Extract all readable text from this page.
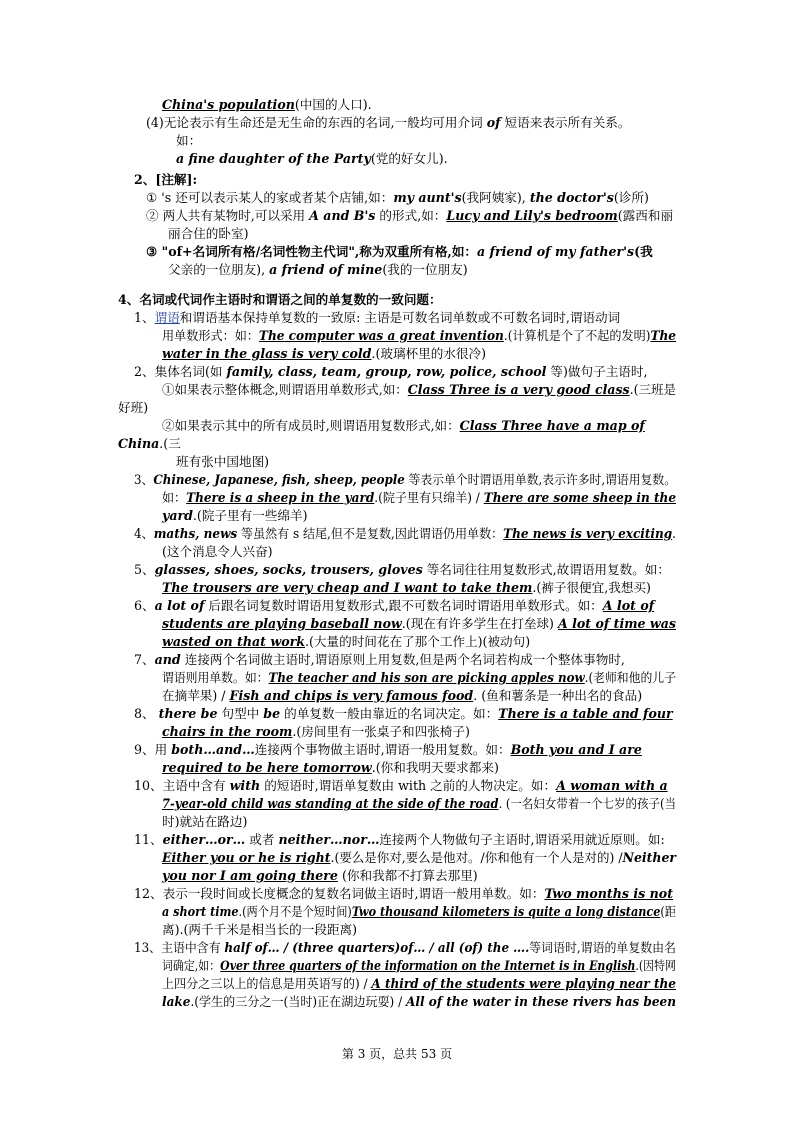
China's population(中国的人口).
(4)无论表示有生命还是无生命的东西的名词,一般均可用介词 of 短语来表示所有关系。
如：
a fine daughter of the Party(党的好女儿).
2、[注解]:
① 's 还可以表示某人的家或者某个店铺,如：my aunt's(我阿姨家), the doctor's(诊所)
② 两人共有某物时,可以采用 A and B's 的形式,如：Lucy and Lily's bedroom(露西和丽
丽合住的卧室)
③ "of+名词所有格/名词性物主代词",称为双重所有格,如：a friend of my father's(我
父亲的一位朋友), a friend of mine(我的一位朋友)
4、名词或代词作主语时和谓语之间的单复数的一致问题：
1、谓语和谓语基本保持单复数的一致原: 主语是可数名词单数或不可数名词时,谓语动词
用单数形式：如：The computer was a great invention.(计算机是个了不起的发明)The
water in the glass is very cold.(玻璃杯里的水很冷)
2、集体名词(如 family, class, team, group, row, police, school 等)做句子主语时,
①如果表示整体概念,则谓语用单数形式,如：Class Three is a very good class.(三班是
好班)
②如果表示其中的所有成员时,则谓语用复数形式,如：Class Three have a map of
China.(三
班有张中国地图)
3、Chinese, Japanese, fish, sheep, people 等表示单个时谓语用单数,表示许多时,谓语用复数。
如：There is a sheep in the yard.(院子里有只绵羊) / There are some sheep in the
yard.(院子里有一些绵羊)
4、maths, news 等虽然有 s 结尾,但不是复数,因此谓语仍用单数：The news is very exciting.
(这个消息令人兴奋)
5、glasses, shoes, socks, trousers, gloves 等名词往往用复数形式,故谓语用复数。如：
The trousers are very cheap and I want to take them.(裤子很便宜,我想买)
6、a lot of 后跟名词复数时谓语用复数形式,跟不可数名词时谓语用单数形式。如：A lot of
students are playing baseball now.(现在有许多学生在打垒球) A lot of time was
wasted on that work.(大量的时间花在了那个工作上)(被动句)
7、and 连接两个名词做主语时,谓语原则上用复数,但是两个名词若构成一个整体事物时,
谓语则用单数。如：The teacher and his son are picking apples now.(老师和他的儿子
在摘苹果) / Fish and chips is very famous food. (鱼和薯条是一种出名的食品)
8、 there be 句型中 be 的单复数一般由靠近的名词决定。如：There is a table and four
chairs in the room.(房间里有一张桌子和四张椅子)
9、用 both…and…连接两个事物做主语时,谓语一般用复数。如：Both you and I are
required to be here tomorrow.(你和我明天要求都来)
10、主语中含有 with 的短语时,谓语单复数由 with 之前的人物决定。如：A woman with a
7-year-old child was standing at the side of the road. (一名妇女带着一个七岁的孩子(当
时)就站在路边)
11、either…or… 或者 neither…nor…连接两个人物做句子主语时,谓语采用就近原则。如:
Either you or he is right.(要么是你对,要么是他对。/你和他有一个人是对的) /Neither
you nor I am going there (你和我都不打算去那里)
12、表示一段时间或长度概念的复数名词做主语时,谓语一般用单数。如：Two months is not
a short time.(两个月不是个短时间)Two thousand kilometers is quite a long distance(距
离).(两千千米是相当长的一段距离)
13、主语中含有 half of… / (three quarters)of… / all (of) the ….等词语时,谓语的单复数由名
词确定,如：Over three quarters of the information on the Internet is in English.(因特网
上四分之三以上的信息是用英语写的) / A third of the students were playing near the
lake.(学生的三分之一(当时)正在湖边玩耍) / All of the water in these rivers has been
第 3 页，总共 53 页
